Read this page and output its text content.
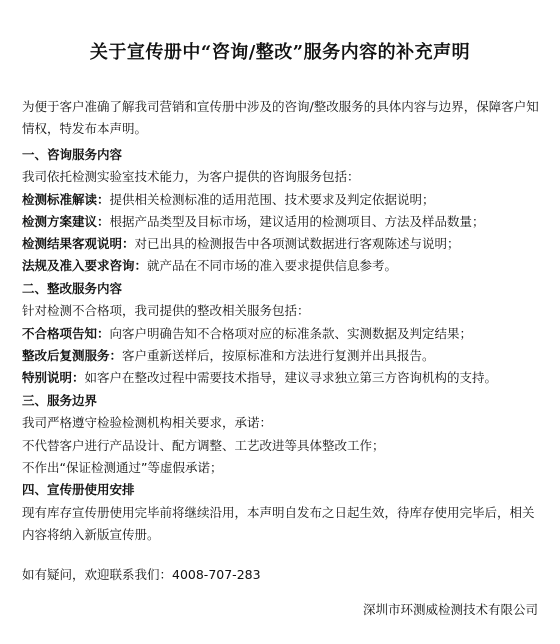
关于宣传册中“咨询/整改”服务内容的补充声明
为便于客户准确了解我司营销和宣传册中涉及的咨询/整改服务的具体内容与边界，保障客户知情权，特发布本声明。
一、咨询服务内容
我司依托检测实验室技术能力，为客户提供的咨询服务包括：
检测标准解读：提供相关检测标准的适用范围、技术要求及判定依据说明；
检测方案建议：根据产品类型及目标市场，建议适用的检测项目、方法及样品数量；
检测结果客观说明：对已出具的检测报告中各项测试数据进行客观陈述与说明；
法规及准入要求咨询：就产品在不同市场的准入要求提供信息参考。
二、整改服务内容
针对检测不合格项，我司提供的整改相关服务包括：
不合格项告知：向客户明确告知不合格项对应的标准条款、实测数据及判定结果；
整改后复测服务：客户重新送样后，按原标准和方法进行复测并出具报告。
特别说明：如客户在整改过程中需要技术指导，建议寻求独立第三方咨询机构的支持。
三、服务边界
我司严格遵守检验检测机构相关要求，承诺：
不代替客户进行产品设计、配方调整、工艺改进等具体整改工作；
不作出“保证检测通过”等虚假承诺；
四、宣传册使用安排
现有库存宣传册使用完毕前将继续沿用，本声明自发布之日起生效，待库存使用完毕后，相关内容将纳入新版宣传册。
如有疑问，欢迎联系我们：4008-707-283
深圳市环测威检测技术有限公司
